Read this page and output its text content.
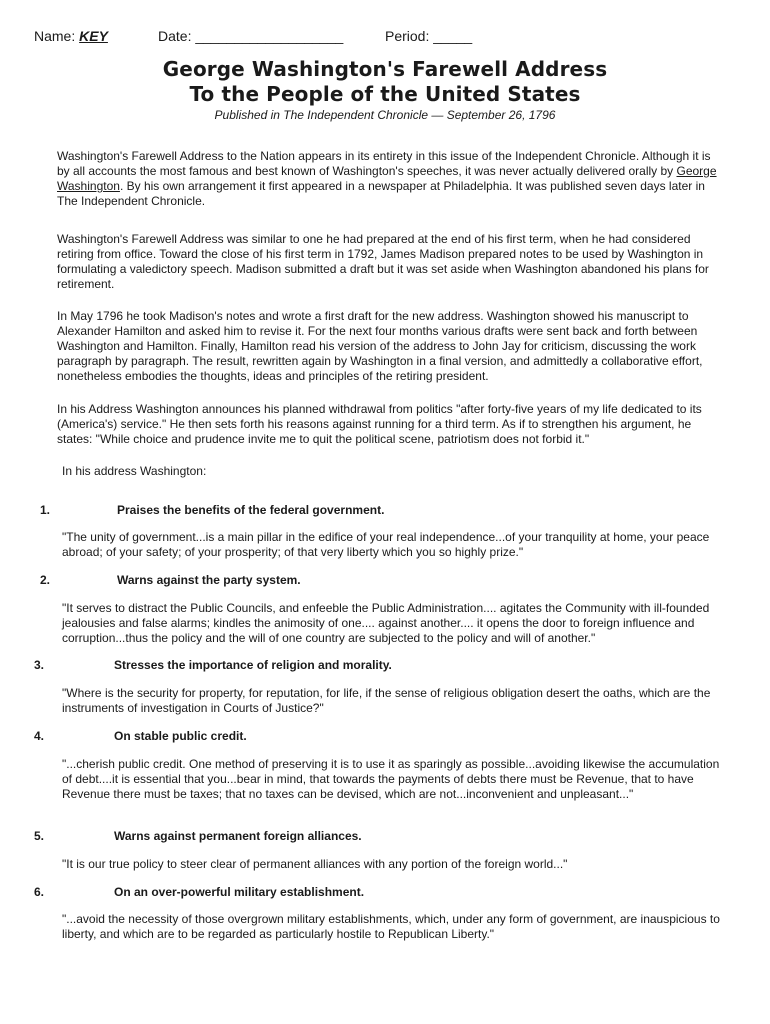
Name: KEY	Date: ___________________	Period: _____
George Washington's Farewell Address
To the People of the United States
Published in The Independent Chronicle — September 26, 1796

Washington's Farewell Address to the Nation appears in its entirety in this issue of the Independent Chronicle. Although it is by all accounts the most famous and best known of Washington's speeches, it was never actually delivered orally by George Washington. By his own arrangement it first appeared in a newspaper at Philadelphia. It was published seven days later in The Independent Chronicle.

Washington's Farewell Address was similar to one he had prepared at the end of his first term, when he had considered retiring from office. Toward the close of his first term in 1792, James Madison prepared notes to be used by Washington in formulating a valedictory speech. Madison submitted a draft but it was set aside when Washington abandoned his plans for retirement.

In May 1796 he took Madison's notes and wrote a first draft for the new address. Washington showed his manuscript to Alexander Hamilton and asked him to revise it. For the next four months various drafts were sent back and forth between Washington and Hamilton. Finally, Hamilton read his version of the address to John Jay for criticism, discussing the work paragraph by paragraph. The result, rewritten again by Washington in a final version, and admittedly a collaborative effort, nonetheless embodies the thoughts, ideas and principles of the retiring president.

In his Address Washington announces his planned withdrawal from politics "after forty-five years of my life dedicated to its (America's) service." He then sets forth his reasons against running for a third term. As if to strengthen his argument, he states: "While choice and prudence invite me to quit the political scene, patriotism does not forbid it."

In his address Washington:

1.	Praises the benefits of the federal government.

"The unity of government...is a main pillar in the edifice of your real independence...of your tranquility at home, your peace abroad; of your safety; of your prosperity; of that very liberty which you so highly prize."

2.	Warns against the party system.

"It serves to distract the Public Councils, and enfeeble the Public Administration.... agitates the Community with ill-founded jealousies and false alarms; kindles the animosity of one.... against another.... it opens the door to foreign influence and corruption...thus the policy and the will of one country are subjected to the policy and will of another."

3.	Stresses the importance of religion and morality.

"Where is the security for property, for reputation, for life, if the sense of religious obligation desert the oaths, which are the instruments of investigation in Courts of Justice?"

4.	On stable public credit.

"...cherish public credit. One method of preserving it is to use it as sparingly as possible...avoiding likewise the accumulation of debt....it is essential that you...bear in mind, that towards the payments of debts there must be Revenue, that to have Revenue there must be taxes; that no taxes can be devised, which are not...inconvenient and unpleasant..."

5.	Warns against permanent foreign alliances.

"It is our true policy to steer clear of permanent alliances with any portion of the foreign world..."

6.	On an over-powerful military establishment.

"...avoid the necessity of those overgrown military establishments, which, under any form of government, are inauspicious to liberty, and which are to be regarded as particularly hostile to Republican Liberty."
